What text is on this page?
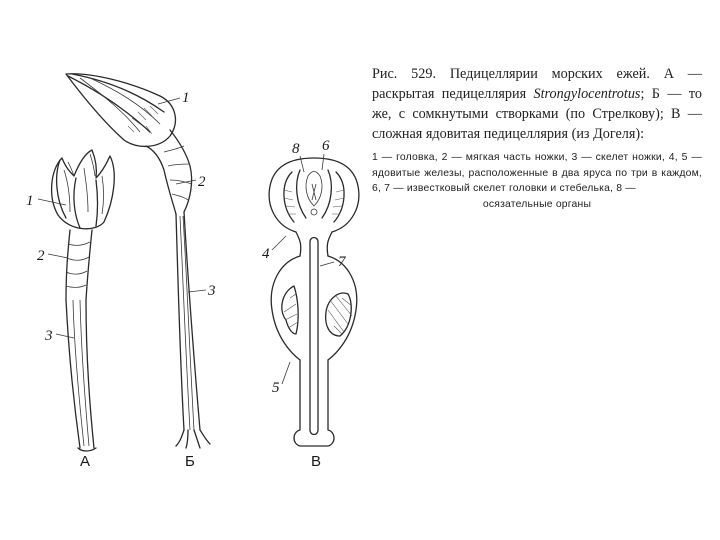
1
2
3
А
1
2
3
Б
8 6
4	7
5
В

Рис. 529. Педицеллярии морских ежей. А — раскрытая педицеллярия Strongylocentrotus; Б — то же, с сомкнутыми створками (по Стрелкову); В — сложная ядовитая педицеллярия (из Догеля):

1 — головка, 2 — мягкая часть ножки, 3 — скелет ножки, 4, 5 — ядовитые железы, расположенные в два яруса по три в каждом, 6, 7 — известковый скелет головки и стебелька, 8 —
осязательные органы
